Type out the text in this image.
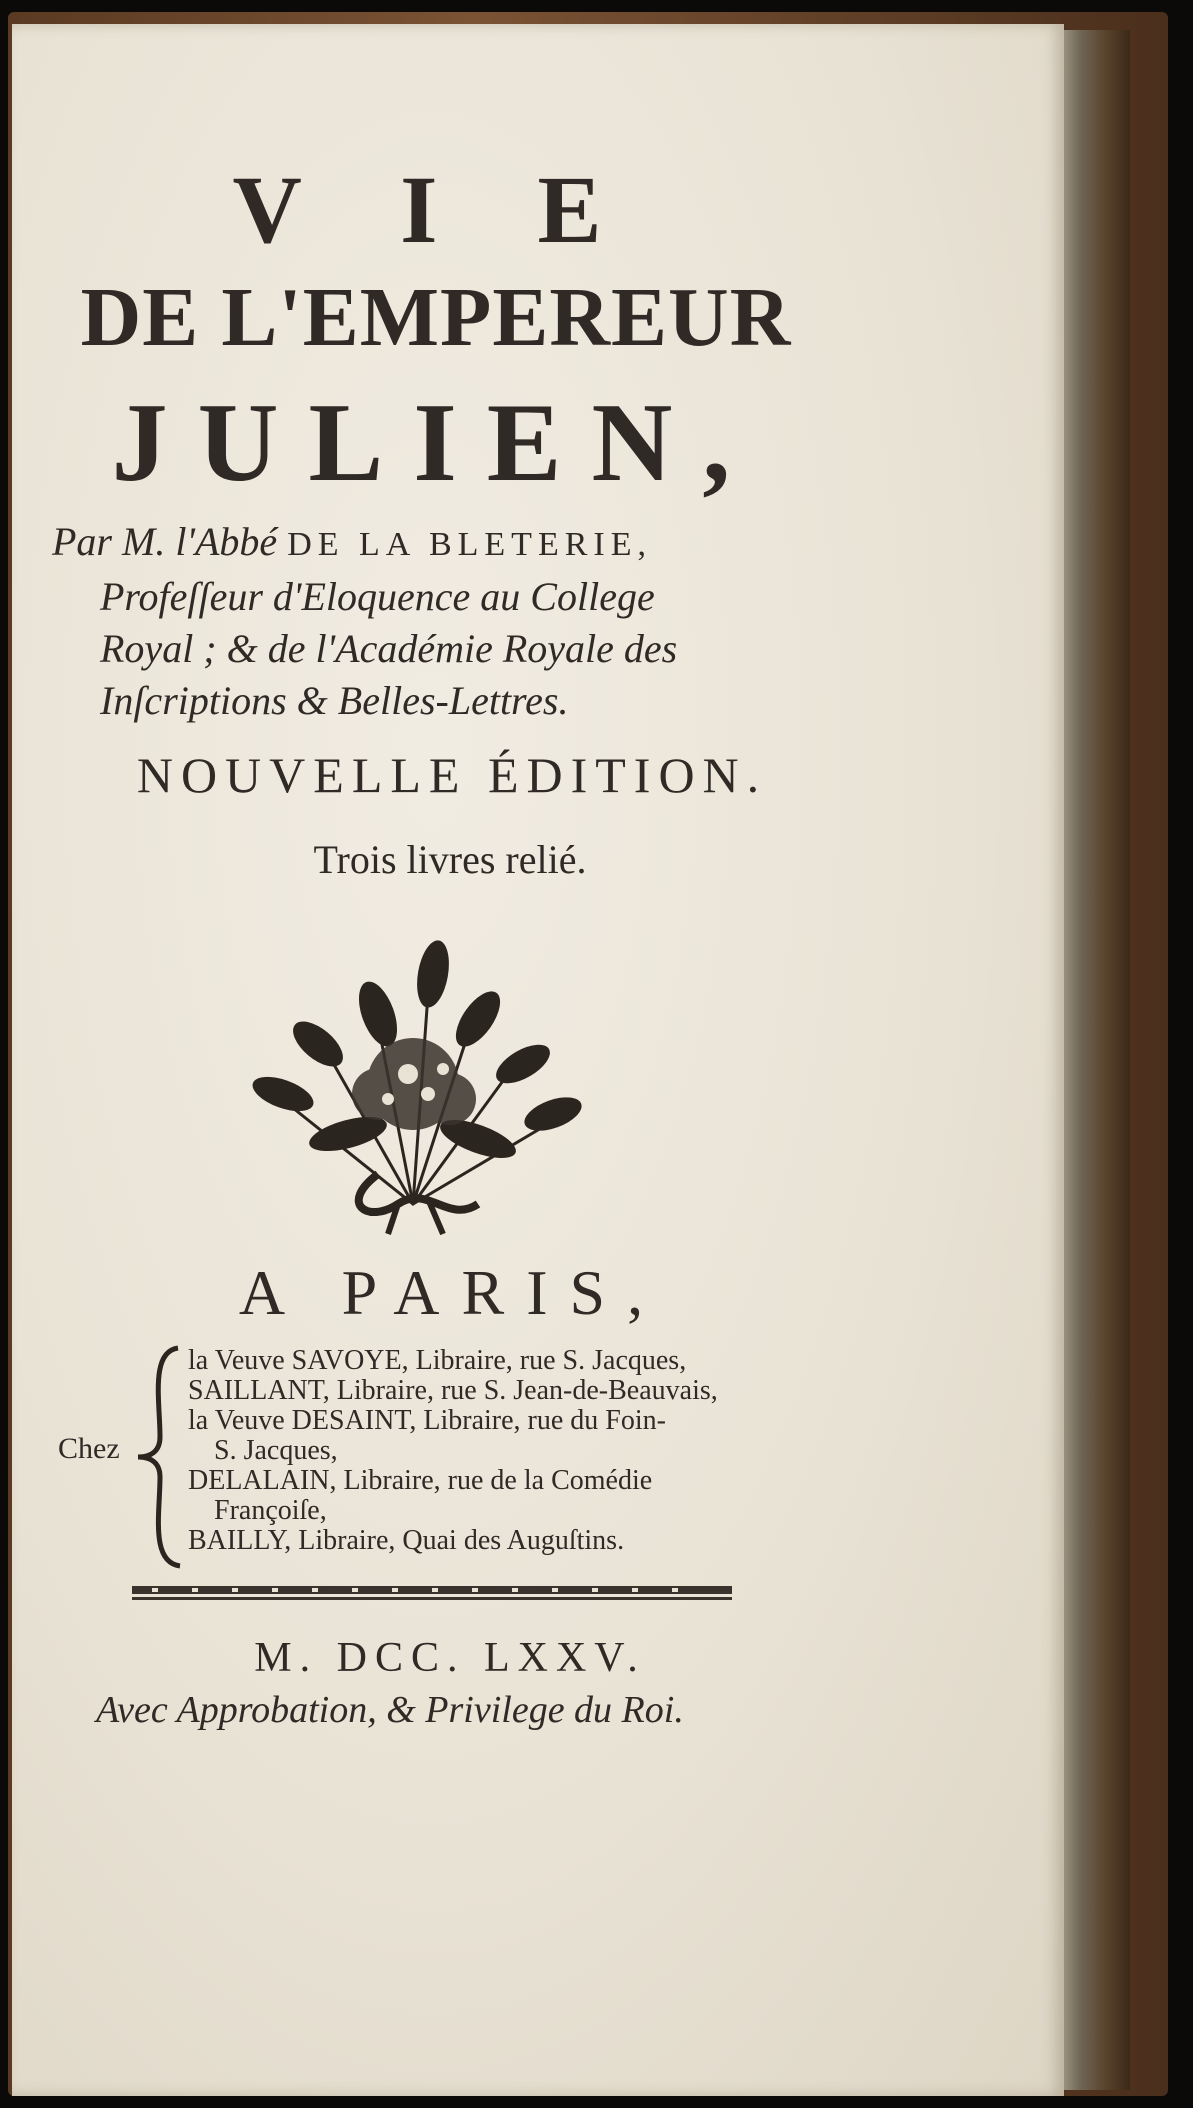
V I E
DE L'EMPEREUR
JULIEN,
Par M. l'Abbé DE LA BLETERIE,
Profeſſeur d'Eloquence au College
Royal ; & de l'Académie Royale des
Inſcriptions & Belles-Lettres.
NOUVELLE ÉDITION.
Trois livres relié.
A PARIS,
Chez
la Veuve SAVOYE, Libraire, rue S. Jacques,
SAILLANT, Libraire, rue S. Jean-de-Beauvais,
la Veuve DESAINT, Libraire, rue du Foin-
S. Jacques,
DELALAIN, Libraire, rue de la Comédie
Françoiſe,
BAILLY, Libraire, Quai des Auguſtins.
M. DCC. LXXV.
Avec Approbation, & Privilege du Roi.
